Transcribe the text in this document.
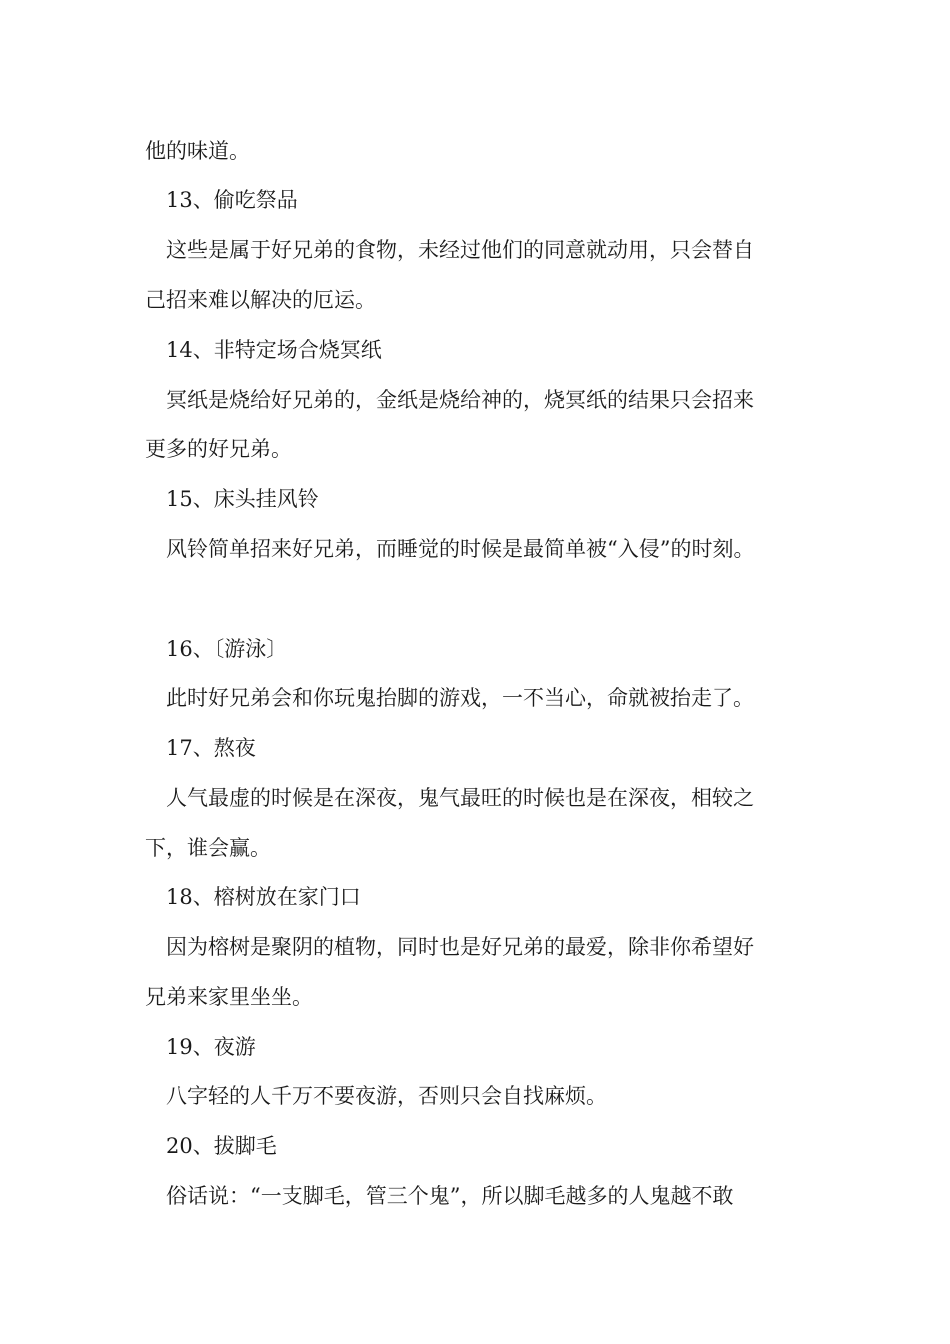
他的味道。
13、偷吃祭品
这些是属于好兄弟的食物，未经过他们的同意就动用，只会替自
己招来难以解决的厄运。
14、非特定场合烧冥纸
冥纸是烧给好兄弟的，金纸是烧给神的，烧冥纸的结果只会招来
更多的好兄弟。
15、床头挂风铃
风铃简单招来好兄弟，而睡觉的时候是最简单被“入侵”的时刻。
16、〔游泳〕
此时好兄弟会和你玩鬼抬脚的游戏，一不当心，命就被抬走了。
17、熬夜
人气最虚的时候是在深夜，鬼气最旺的时候也是在深夜，相较之
下，谁会赢。
18、榕树放在家门口
因为榕树是聚阴的植物，同时也是好兄弟的最爱，除非你希望好
兄弟来家里坐坐。
19、夜游
八字轻的人千万不要夜游，否则只会自找麻烦。
20、拔脚毛
俗话说：“一支脚毛，管三个鬼”，所以脚毛越多的人鬼越不敢
